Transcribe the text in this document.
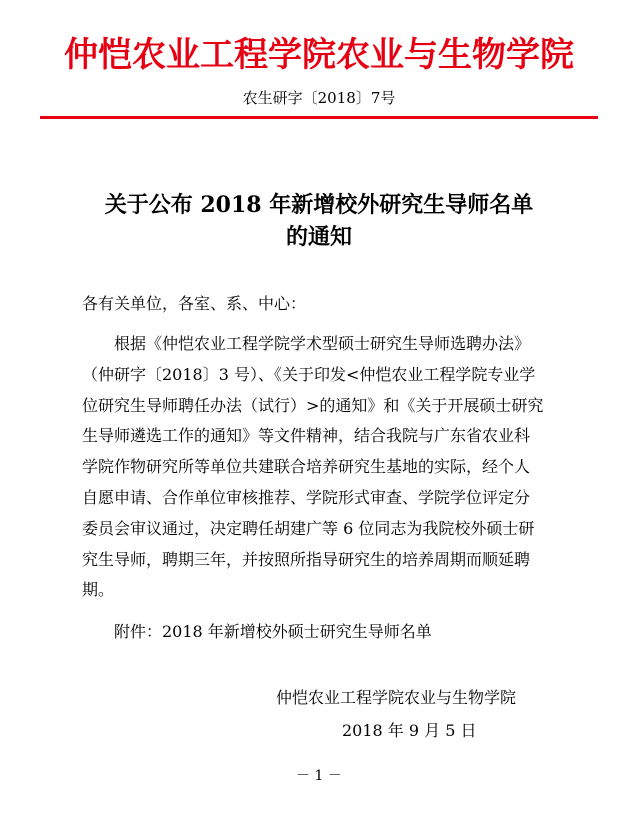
仲恺农业工程学院农业与生物学院
农生研字〔2018〕7号
关于公布 2018 年新增校外研究生导师名单
的通知
各有关单位，各室、系、中心：
根据《仲恺农业工程学院学术型硕士研究生导师选聘办法》
（仲研字〔2018〕3 号）、《关于印发<仲恺农业工程学院专业学
位研究生导师聘任办法（试行）>的通知》和《关于开展硕士研究
生导师遴选工作的通知》等文件精神，结合我院与广东省农业科
学院作物研究所等单位共建联合培养研究生基地的实际，经个人
自愿申请、合作单位审核推荐、学院形式审查、学院学位评定分
委员会审议通过，决定聘任胡建广等 6 位同志为我院校外硕士研
究生导师，聘期三年，并按照所指导研究生的培养周期而顺延聘
期。
附件：2018 年新增校外硕士研究生导师名单
仲恺农业工程学院农业与生物学院
2018 年 9 月 5 日
－ 1 －
